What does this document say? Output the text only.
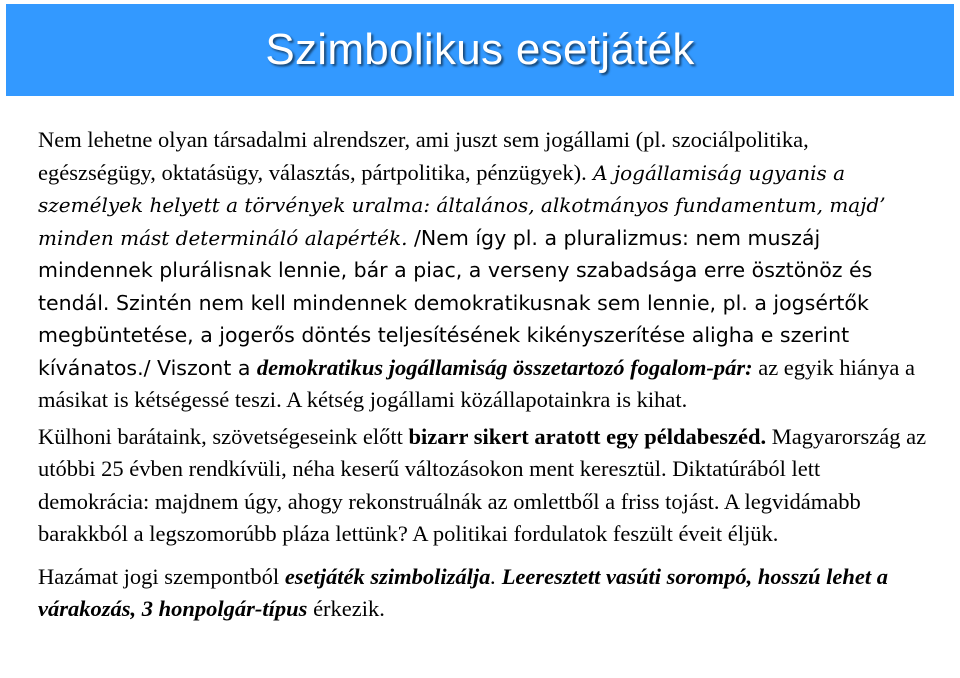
Szimbolikus esetjáték

Nem lehetne olyan társadalmi alrendszer, ami juszt sem jogállami (pl. szociálpolitika, egészségügy, oktatásügy, választás, pártpolitika, pénzügyek). A jogállamiság ugyanis a személyek helyett a törvények uralma: általános, alkotmányos fundamentum, majd’ minden mást determináló alapérték. /Nem így pl. a pluralizmus: nem muszáj mindennek plurálisnak lennie, bár a piac, a verseny szabadsága erre ösztönöz és tendál. Szintén nem kell mindennek demokratikusnak sem lennie, pl. a jogsértők megbüntetése, a jogerős döntés teljesítésének kikényszerítése aligha e szerint kívánatos./ Viszont a demokratikus jogállamiság összetartozó fogalom-pár: az egyik hiánya a másikat is kétségessé teszi. A kétség jogállami közállapotainkra is kihat.

Külhoni barátaink, szövetségeseink előtt bizarr sikert aratott egy példabeszéd. Magyarország az utóbbi 25 évben rendkívüli, néha keserű változásokon ment keresztül. Diktatúrából lett demokrácia: majdnem úgy, ahogy rekonstruálnák az omlettből a friss tojást. A legvidámabb barakkból a legszomorúbb pláza lettünk? A politikai fordulatok feszült éveit éljük.

Hazámat jogi szempontból esetjáték szimbolizálja. Leeresztett vasúti sorompó, hosszú lehet a várakozás, 3 honpolgár-típus érkezik.
